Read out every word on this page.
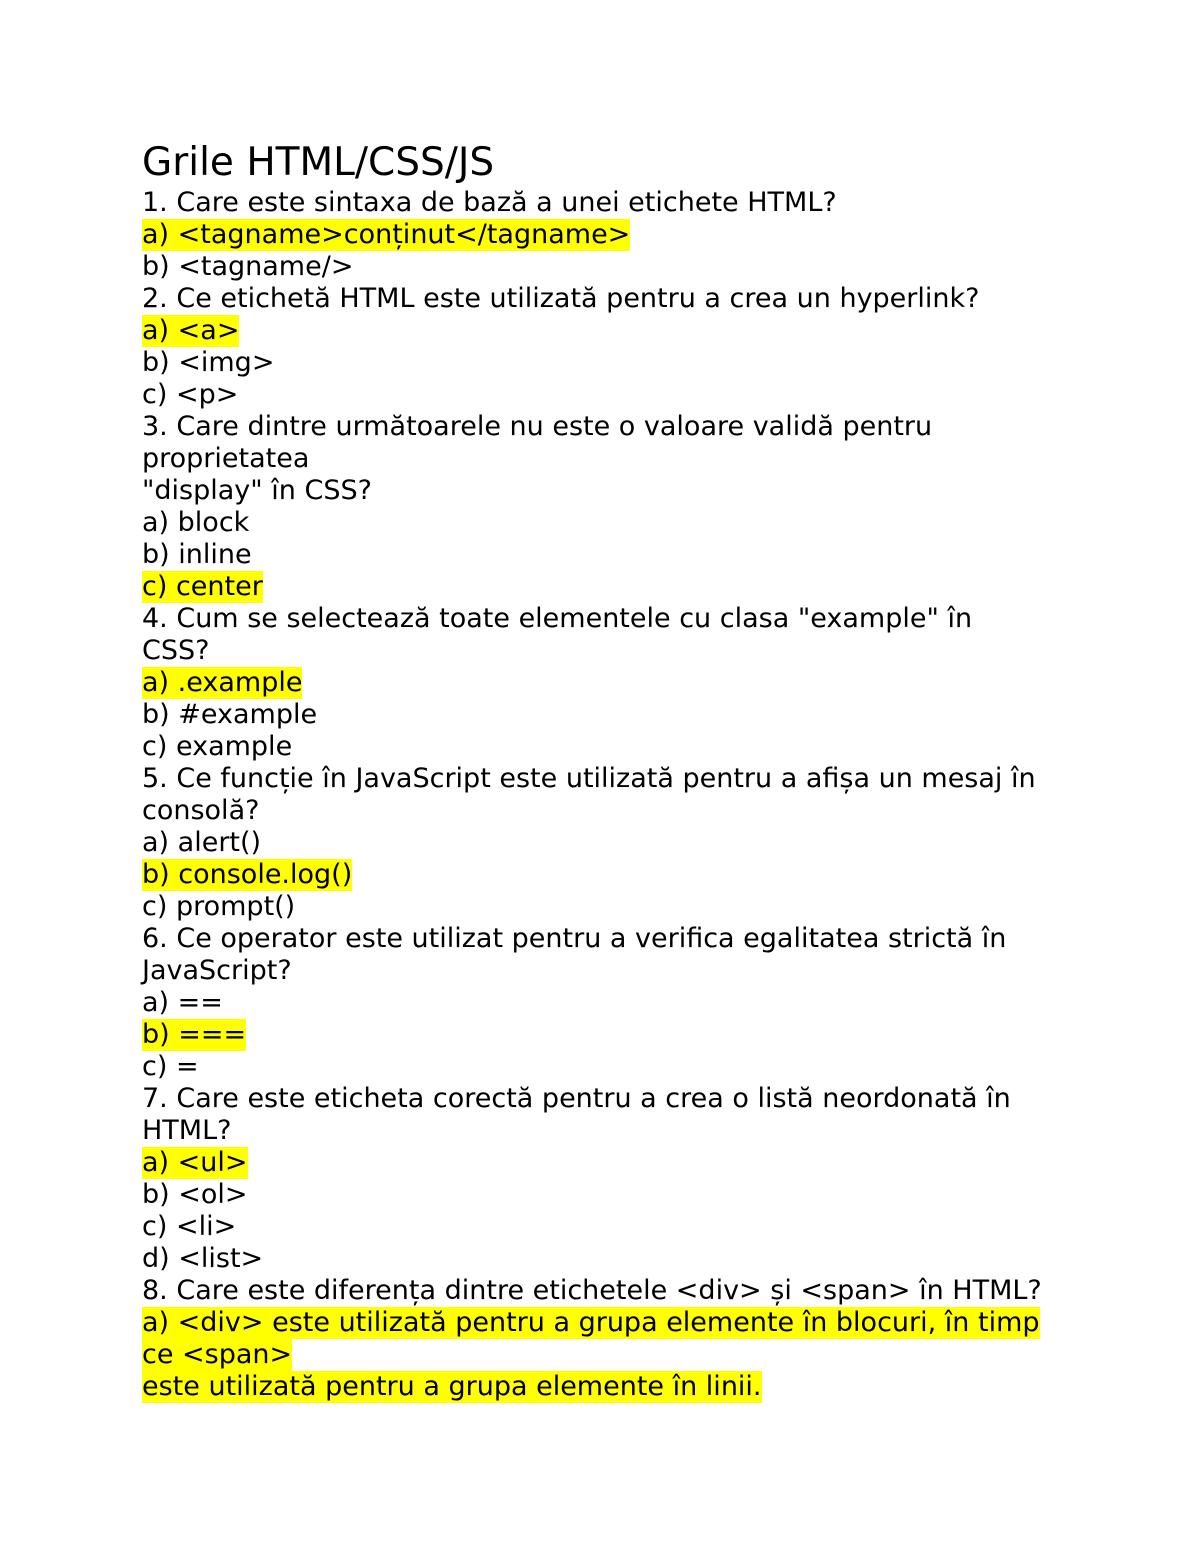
Grile HTML/CSS/JS
1. Care este sintaxa de bază a unei etichete HTML?
a) <tagname>conținut</tagname>
b) <tagname/>
2. Ce etichetă HTML este utilizată pentru a crea un hyperlink?
a) <a>
b) <img>
c) <p>
3. Care dintre următoarele nu este o valoare validă pentru
proprietatea
"display" în CSS?
a) block
b) inline
c) center
4. Cum se selectează toate elementele cu clasa "example" în
CSS?
a) .example
b) #example
c) example
5. Ce funcție în JavaScript este utilizată pentru a afișa un mesaj în
consolă?
a) alert()
b) console.log()
c) prompt()
6. Ce operator este utilizat pentru a verifica egalitatea strictă în
JavaScript?
a) ==
b) ===
c) =
7. Care este eticheta corectă pentru a crea o listă neordonată în
HTML?
a) <ul>
b) <ol>
c) <li>
d) <list>
8. Care este diferența dintre etichetele <div> și <span> în HTML?
a) <div> este utilizată pentru a grupa elemente în blocuri, în timp
ce <span>
este utilizată pentru a grupa elemente în linii.
